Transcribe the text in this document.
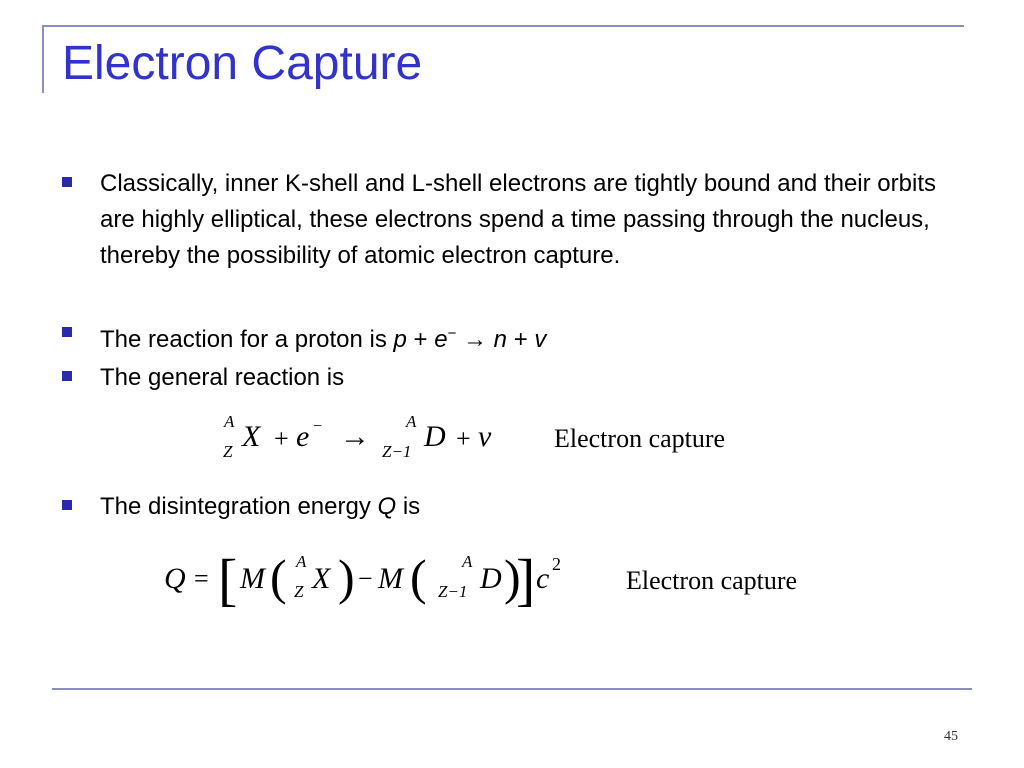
Electron Capture
Classically, inner K-shell and L-shell electrons are tightly bound and their orbits are highly elliptical, these electrons spend a time passing through the nucleus, thereby the possibility of atomic electron capture.
The reaction for a proton is p + e− → n + v
The general reaction is
The disintegration energy Q is
A
Z X + e − → A
Z−1 D + ν Electron capture
Q = [ M ( A
Z X ) − M ( A
Z−1 D )
] c 2
Electron capture
45
